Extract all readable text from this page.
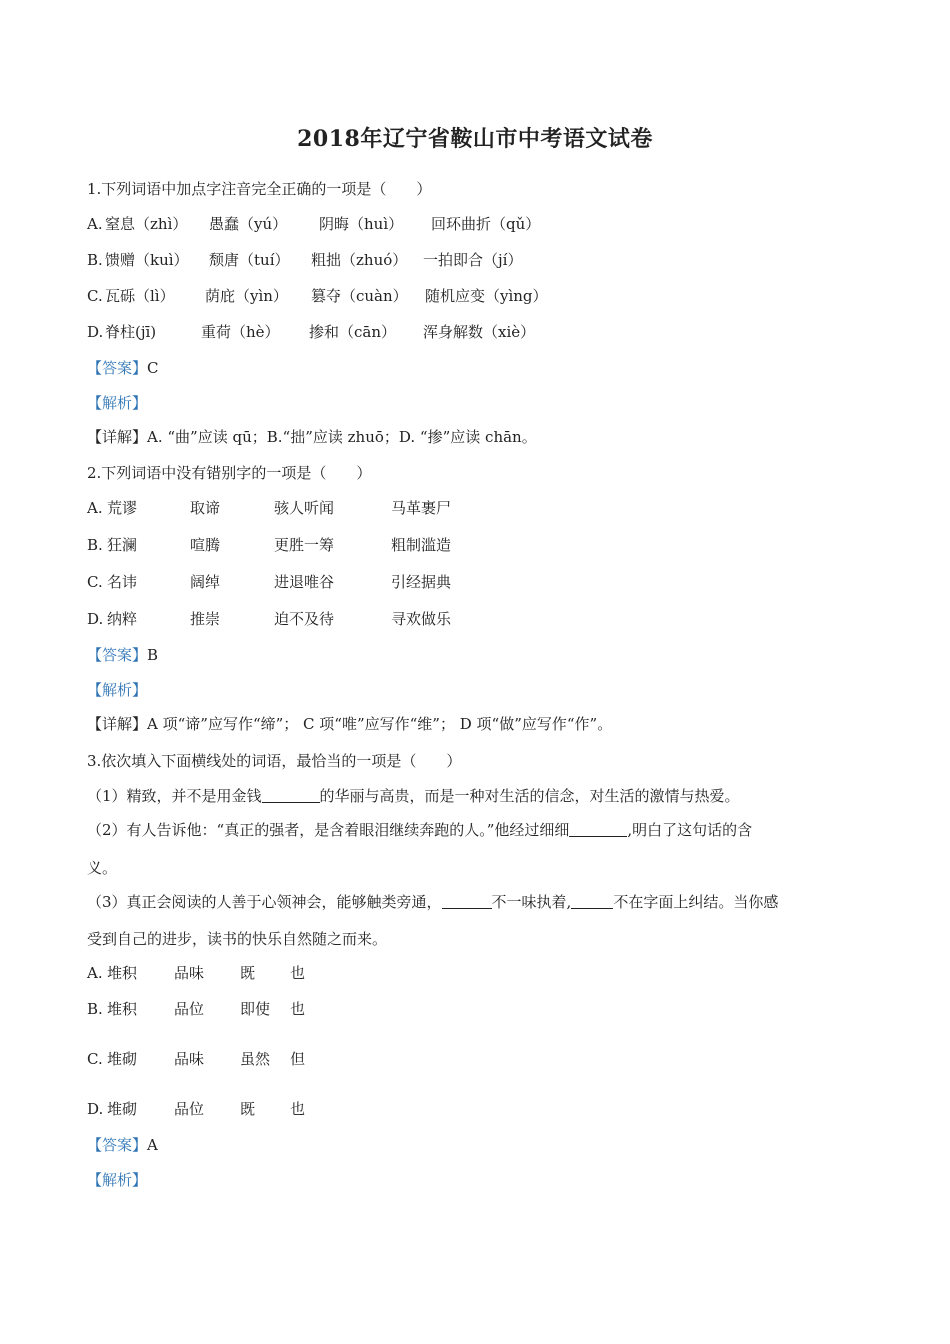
2018年辽宁省鞍山市中考语文试卷
1.下列词语中加点字注音完全正确的一项是（　　）
A. 窒息（zhì） 愚蠢（yú） 阴晦（huì） 回环曲折（qǔ）
B. 馈赠（kuì） 颓唐（tuí） 粗拙（zhuó） 一拍即合（jí）
C. 瓦砾（lì） 荫庇（yìn） 篡夺（cuàn） 随机应变（yìng）
D. 脊柱(jī)	重荷（hè） 掺和（cān） 浑身解数（xiè）
【答案】C
【解析】
【详解】A. “曲”应读 qū；B.“拙”应读 zhuō；D. “掺”应读 chān。
2.下列词语中没有错别字的一项是（　　）
A. 荒谬	取谛	骇人听闻	马革裹尸
B. 狂澜	喧腾	更胜一筹	粗制滥造
C. 名讳	阔绰	进退唯谷	引经据典
D. 纳粹	推崇	迫不及待	寻欢做乐
【答案】B
【解析】
【详解】A 项“谛”应写作“缔”； C 项“唯”应写作“维”； D 项“做”应写作“作”。
3.依次填入下面横线处的词语，最恰当的一项是（　　）
（1）精致，并不是用金钱	的华丽与高贵，而是一种对生活的信念，对生活的激情与热爱。
（2）有人告诉他：“真正的强者，是含着眼泪继续奔跑的人。”他经过细细	,明白了这句话的含
义。
（3）真正会阅读的人善于心领神会，能够触类旁通，	不一味执着,	不在字面上纠结。当你感
受到自己的进步，读书的快乐自然随之而来。
A. 堆积 品味 既 也
B. 堆积 品位 即使 也
C. 堆砌 品味 虽然 但
D. 堆砌 品位 既 也
【答案】A
【解析】
